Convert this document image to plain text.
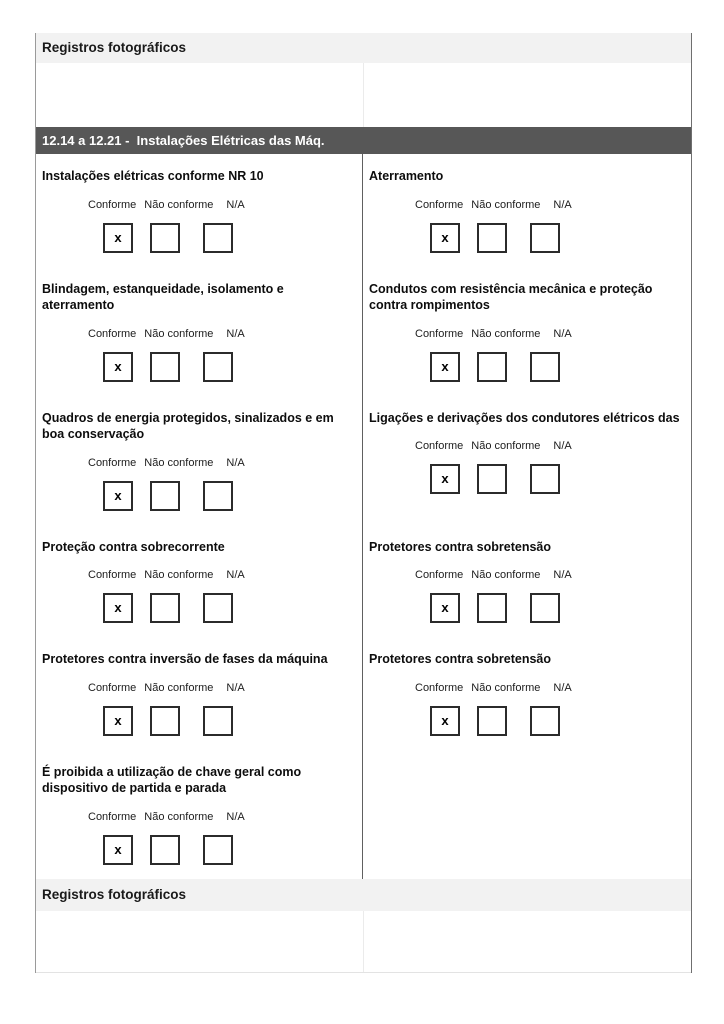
Registros fotográficos
12.14 a 12.21 -  Instalações Elétricas das Máq.
Instalações elétricas conforme NR 10
Conforme Não conforme N/A
x
Aterramento
Conforme Não conforme N/A
x
Blindagem, estanqueidade, isolamento e aterramento
Conforme Não conforme N/A
x
Condutos com resistência mecânica e proteção contra rompimentos
Conforme Não conforme N/A
x
Quadros de energia protegidos, sinalizados e em boa conservação
Conforme Não conforme N/A
x
Ligações e derivações dos condutores elétricos das
Conforme Não conforme N/A
x
Proteção contra sobrecorrente
Conforme Não conforme N/A
x
Protetores contra sobretensão
Conforme Não conforme N/A
x
Protetores contra inversão de fases da máquina
Conforme Não conforme N/A
x
Protetores contra sobretensão
Conforme Não conforme N/A
x
É proibida a utilização de chave geral como dispositivo de partida e parada
Conforme Não conforme N/A
x
Registros fotográficos
